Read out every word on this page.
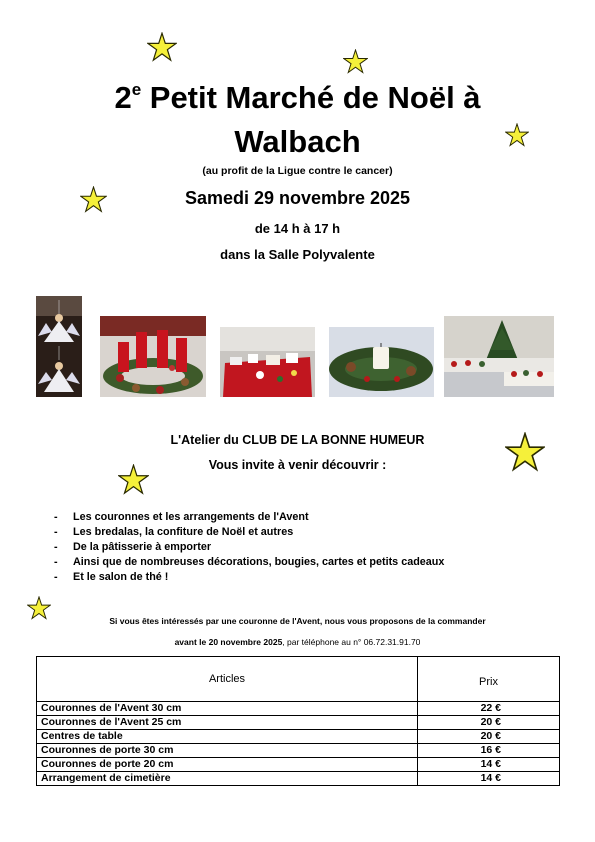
2e Petit Marché de Noël à
Walbach
(au profit de la Ligue contre le cancer)
Samedi 29 novembre 2025
de 14 h à 17 h
dans la Salle Polyvalente
L'Atelier du CLUB DE LA BONNE HUMEUR
Vous invite à venir découvrir :
- Les couronnes et les arrangements de l'Avent
- Les bredalas, la confiture de Noël et autres
- De la pâtisserie à emporter
- Ainsi que de nombreuses décorations, bougies, cartes et petits cadeaux
- Et le salon de thé !
Si vous êtes intéressés par une couronne de l'Avent, nous vous proposons de la commander
avant le 20 novembre 2025, par téléphone au n° 06.72.31.91.70
Articles	Prix
Couronnes de l'Avent 30 cm	22 €
Couronnes de l'Avent 25 cm	20 €
Centres de table	20 €
Couronnes de porte 30 cm	16 €
Couronnes de porte 20 cm	14 €
Arrangement de cimetière	14 €
